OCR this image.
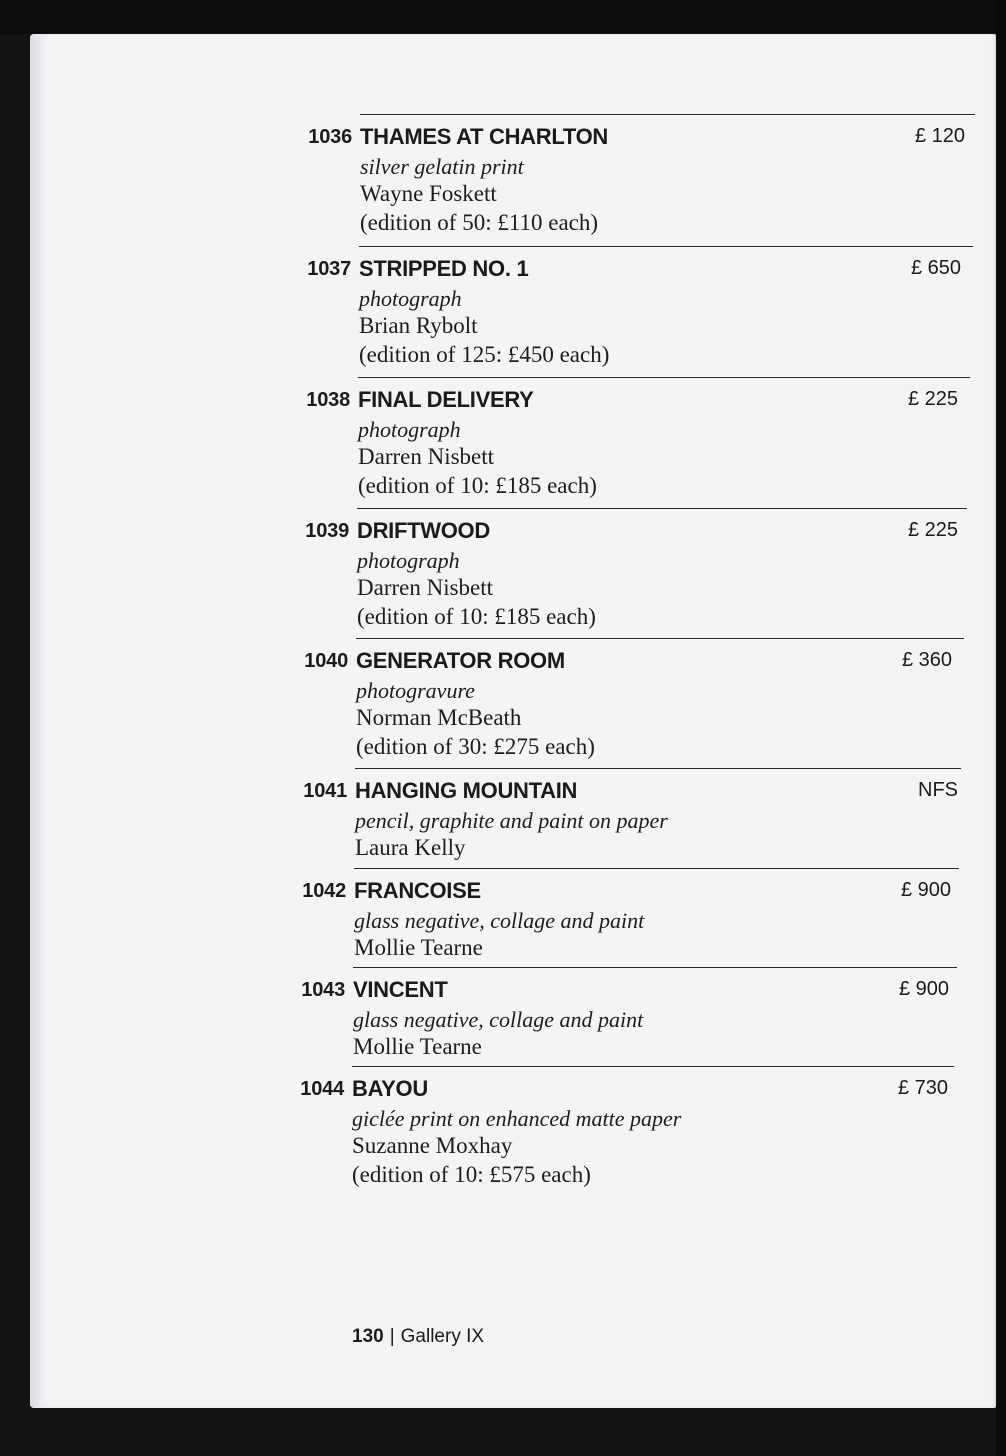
1036 THAMES AT CHARLTON
silver gelatin print
Wayne Foskett
(edition of 50: £110 each)
£ 120
1037 STRIPPED NO. 1
photograph
Brian Rybolt
(edition of 125: £450 each)
£ 650
1038 FINAL DELIVERY
photograph
Darren Nisbett
(edition of 10: £185 each)
£ 225
1039 DRIFTWOOD
photograph
Darren Nisbett
(edition of 10: £185 each)
£ 225
1040 GENERATOR ROOM
photogravure
Norman McBeath
(edition of 30: £275 each)
£ 360
1041 HANGING MOUNTAIN
pencil, graphite and paint on paper
Laura Kelly
NFS
1042 FRANCOISE
glass negative, collage and paint
Mollie Tearne
£ 900
1043 VINCENT
glass negative, collage and paint
Mollie Tearne
£ 900
1044 BAYOU
giclée print on enhanced matte paper
Suzanne Moxhay
(edition of 10: £575 each)
£ 730
130 | Gallery IX
